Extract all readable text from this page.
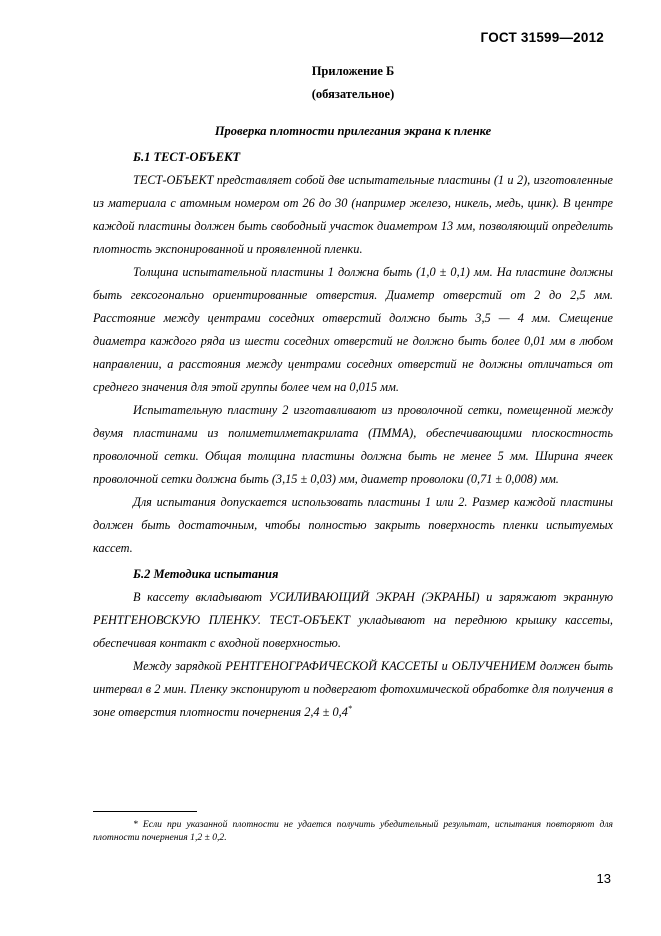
ГОСТ 31599—2012
Приложение Б
(обязательное)
Проверка плотности прилегания экрана к пленке
Б.1 ТЕСТ-ОБЪЕКТ

ТЕСТ-ОБЪЕКТ представляет собой две испытательные пластины (1 и 2), изготовленные из материала с атомным номером от 26 до 30 (например железо, никель, медь, цинк). В центре каждой пластины должен быть свободный участок диаметром 13 мм, позволяющий определить плотность экспонированной и проявленной пленки.

Толщина испытательной пластины 1 должна быть (1,0 ± 0,1) мм. На пластине должны быть гексогонально ориентированные отверстия. Диаметр отверстий от 2 до 2,5 мм. Расстояние между центрами соседних отверстий должно быть 3,5 — 4 мм. Смещение диаметра каждого ряда из шести соседних отверстий не должно быть более 0,01 мм в любом направлении, а расстояния между центрами соседних отверстий не должны отличаться от среднего значения для этой группы более чем на 0,015 мм.

Испытательную пластину 2 изготавливают из проволочной сетки, помещенной между двумя пластинами из полиметилметакрилата (ПММА), обеспечивающими плоскостность проволочной сетки. Общая толщина пластины должна быть не менее 5 мм. Ширина ячеек проволочной сетки должна быть (3,15 ± 0,03) мм, диаметр проволоки (0,71 ± 0,008) мм.

Для испытания допускается использовать пластины 1 или 2. Размер каждой пластины должен быть достаточным, чтобы полностью закрыть поверхность пленки испытуемых кассет.

Б.2 Методика испытания

В кассету вкладывают УСИЛИВАЮЩИЙ ЭКРАН (ЭКРАНЫ) и заряжают экранную РЕНТГЕНОВСКУЮ ПЛЕНКУ. ТЕСТ-ОБЪЕКТ укладывают на переднюю крышку кассеты, обеспечивая контакт с входной поверхностью.

Между зарядкой РЕНТГЕНОГРАФИЧЕСКОЙ КАССЕТЫ и ОБЛУЧЕНИЕМ должен быть интервал в 2 мин. Пленку экспонируют и подвергают фотохимической обработке для получения в зоне отверстия плотности почернения 2,4 ± 0,4*

* Если при указанной плотности не удается получить убедительный результат, испытания повторяют для плотности почернения 1,2 ± 0,2.
13
